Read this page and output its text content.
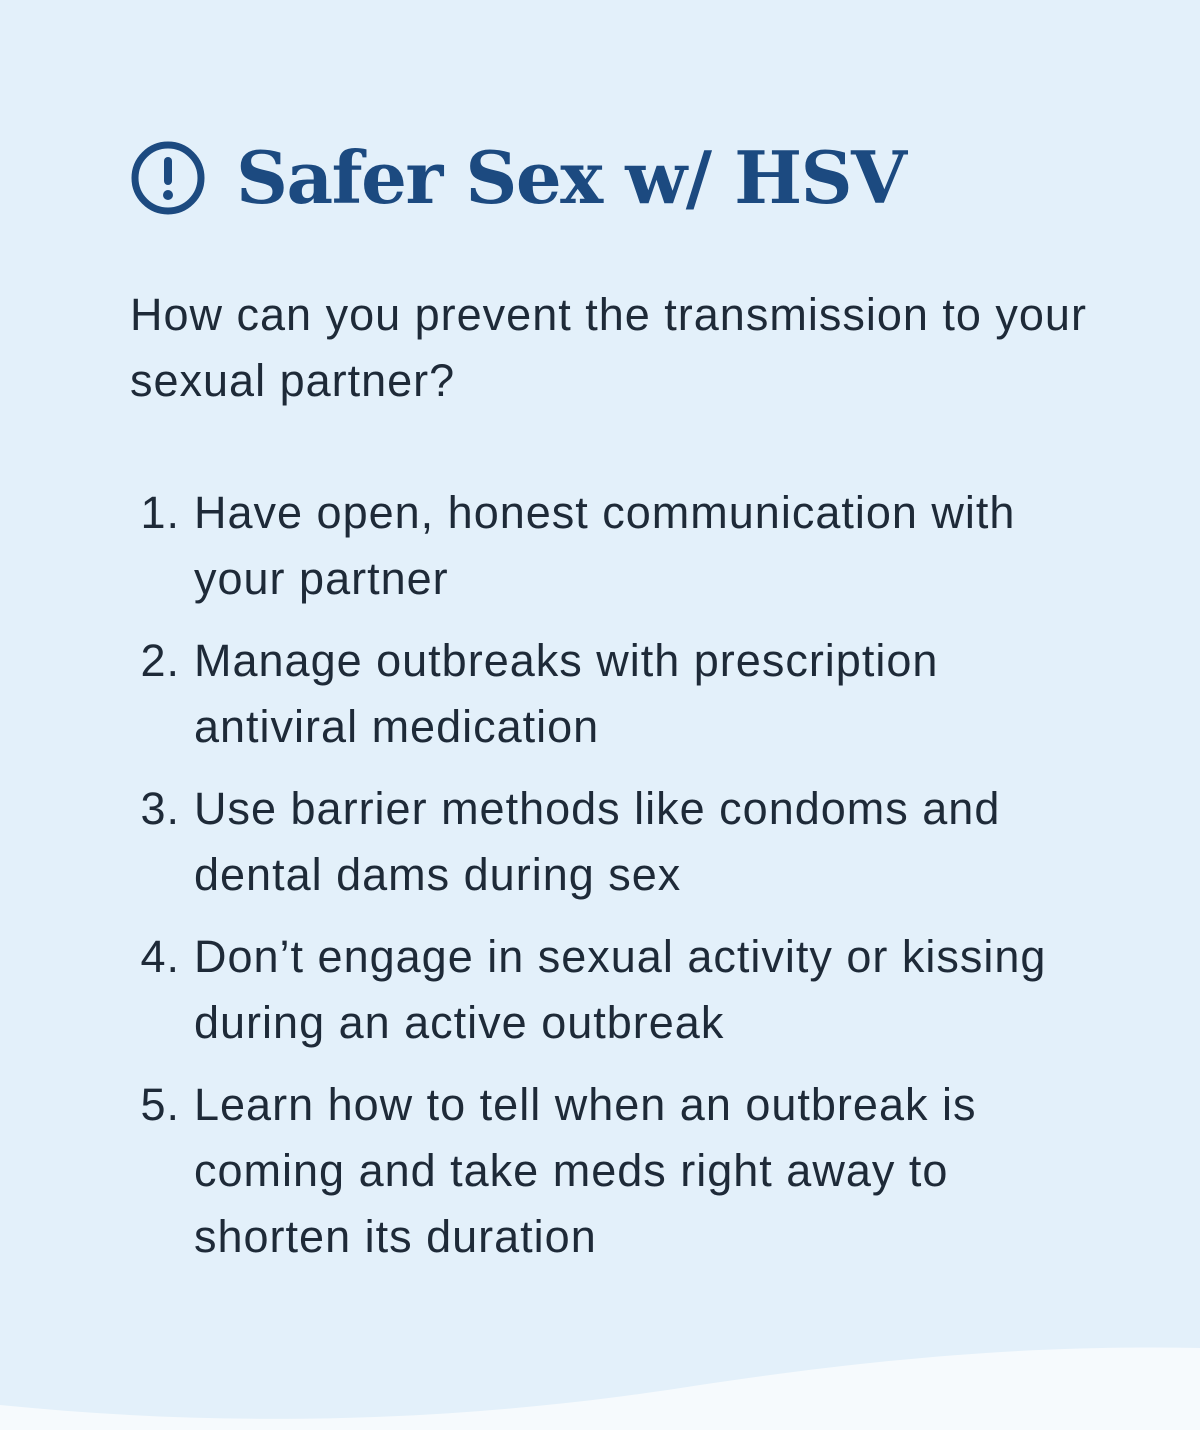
Safer Sex w/ HSV

How can you prevent the transmission to your sexual partner?

1. Have open, honest communication with your partner
2. Manage outbreaks with prescription antiviral medication
3. Use barrier methods like condoms and dental dams during sex
4. Don’t engage in sexual activity or kissing during an active outbreak
5. Learn how to tell when an outbreak is coming and take meds right away to shorten its duration
